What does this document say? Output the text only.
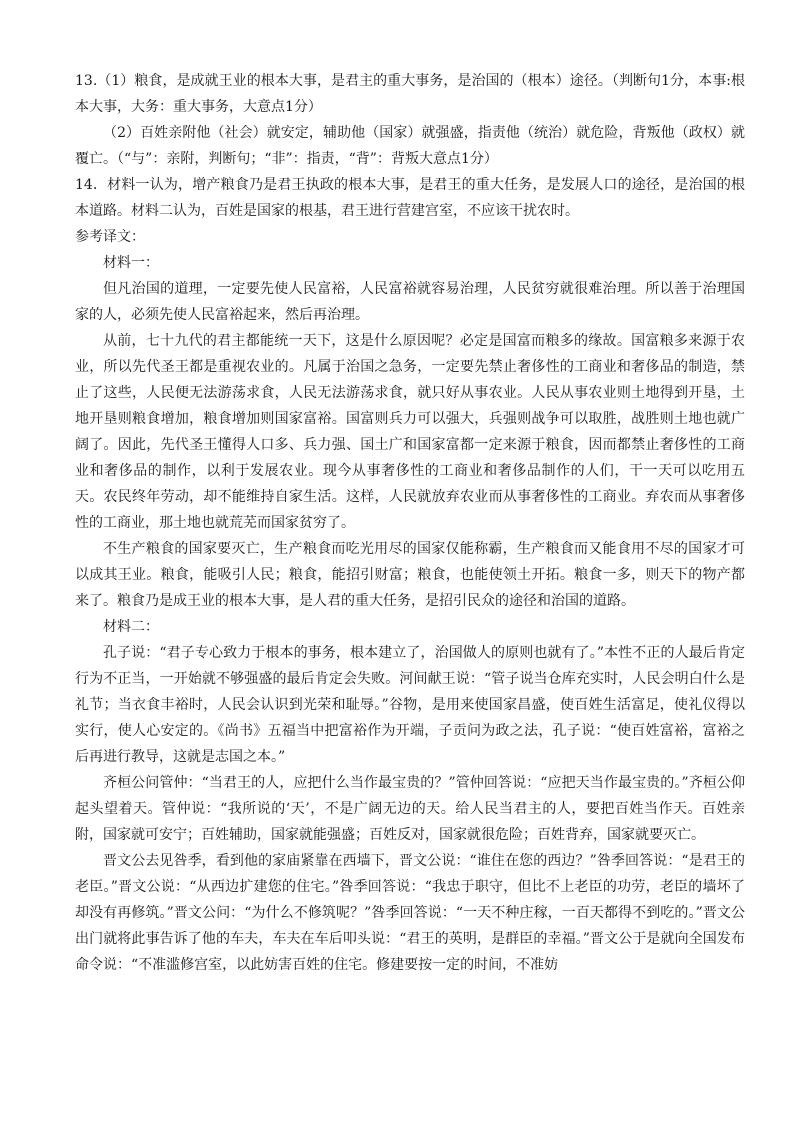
13.（1）粮食，是成就王业的根本大事，是君主的重大事务，是治国的（根本）途径。（判断句1分，本事:根本大事，大务：重大事务，大意点1分）

（2）百姓亲附他（社会）就安定，辅助他（国家）就强盛，指责他（统治）就危险，背叛他（政权）就覆亡。（“与”：亲附，判断句；“非”：指责，“背”：背叛大意点1分）

14．材料一认为，增产粮食乃是君王执政的根本大事，是君王的重大任务，是发展人口的途径，是治国的根本道路。材料二认为，百姓是国家的根基，君王进行营建宫室，不应该干扰农时。

参考译文：

材料一：

但凡治国的道理，一定要先使人民富裕，人民富裕就容易治理，人民贫穷就很难治理。所以善于治理国家的人，必须先使人民富裕起来，然后再治理。

从前，七十九代的君主都能统一天下，这是什么原因呢？必定是国富而粮多的缘故。国富粮多来源于农业，所以先代圣王都是重视农业的。凡属于治国之急务，一定要先禁止奢侈性的工商业和奢侈品的制造，禁止了这些，人民便无法游荡求食，人民无法游荡求食，就只好从事农业。人民从事农业则土地得到开垦，土地开垦则粮食增加，粮食增加则国家富裕。国富则兵力可以强大，兵强则战争可以取胜，战胜则土地也就广阔了。因此，先代圣王懂得人口多、兵力强、国土广和国家富都一定来源于粮食，因而都禁止奢侈性的工商业和奢侈品的制作，以利于发展农业。现今从事奢侈性的工商业和奢侈品制作的人们，干一天可以吃用五天。农民终年劳动，却不能维持自家生活。这样，人民就放弃农业而从事奢侈性的工商业。弃农而从事奢侈性的工商业，那土地也就荒芜而国家贫穷了。

不生产粮食的国家要灭亡，生产粮食而吃光用尽的国家仅能称霸，生产粮食而又能食用不尽的国家才可以成其王业。粮食，能吸引人民；粮食，能招引财富；粮食，也能使领土开拓。粮食一多，则天下的物产都来了。粮食乃是成王业的根本大事，是人君的重大任务，是招引民众的途径和治国的道路。

材料二：

孔子说：“君子专心致力于根本的事务，根本建立了，治国做人的原则也就有了。”本性不正的人最后肯定行为不正当，一开始就不够强盛的最后肯定会失败。河间献王说：“管子说当仓库充实时，人民会明白什么是礼节；当衣食丰裕时，人民会认识到光荣和耻辱。”谷物，是用来使国家昌盛，使百姓生活富足，使礼仪得以实行，使人心安定的。《尚书》五福当中把富裕作为开端，子贡问为政之法，孔子说：“使百姓富裕，富裕之后再进行教导，这就是志国之本。”

齐桓公问管仲：“当君王的人，应把什么当作最宝贵的？”管仲回答说：“应把天当作最宝贵的。”齐桓公仰起头望着天。管仲说：“我所说的‘天’，不是广阔无边的天。给人民当君主的人，要把百姓当作天。百姓亲附，国家就可安宁；百姓辅助，国家就能强盛；百姓反对，国家就很危险；百姓背弃，国家就要灭亡。

晋文公去见咎季，看到他的家庙紧靠在西墙下，晋文公说：“谁住在您的西边？”咎季回答说：“是君王的老臣。”晋文公说：“从西边扩建您的住宅。”咎季回答说：“我忠于职守，但比不上老臣的功劳，老臣的墙坏了却没有再修筑。”晋文公问：“为什么不修筑呢？”咎季回答说：“一天不种庄稼，一百天都得不到吃的。”晋文公出门就将此事告诉了他的车夫，车夫在车后叩头说：“君王的英明，是群臣的幸福。”晋文公于是就向全国发布命令说：“不准滥修宫室，以此妨害百姓的住宅。修建要按一定的时间，不准妨
